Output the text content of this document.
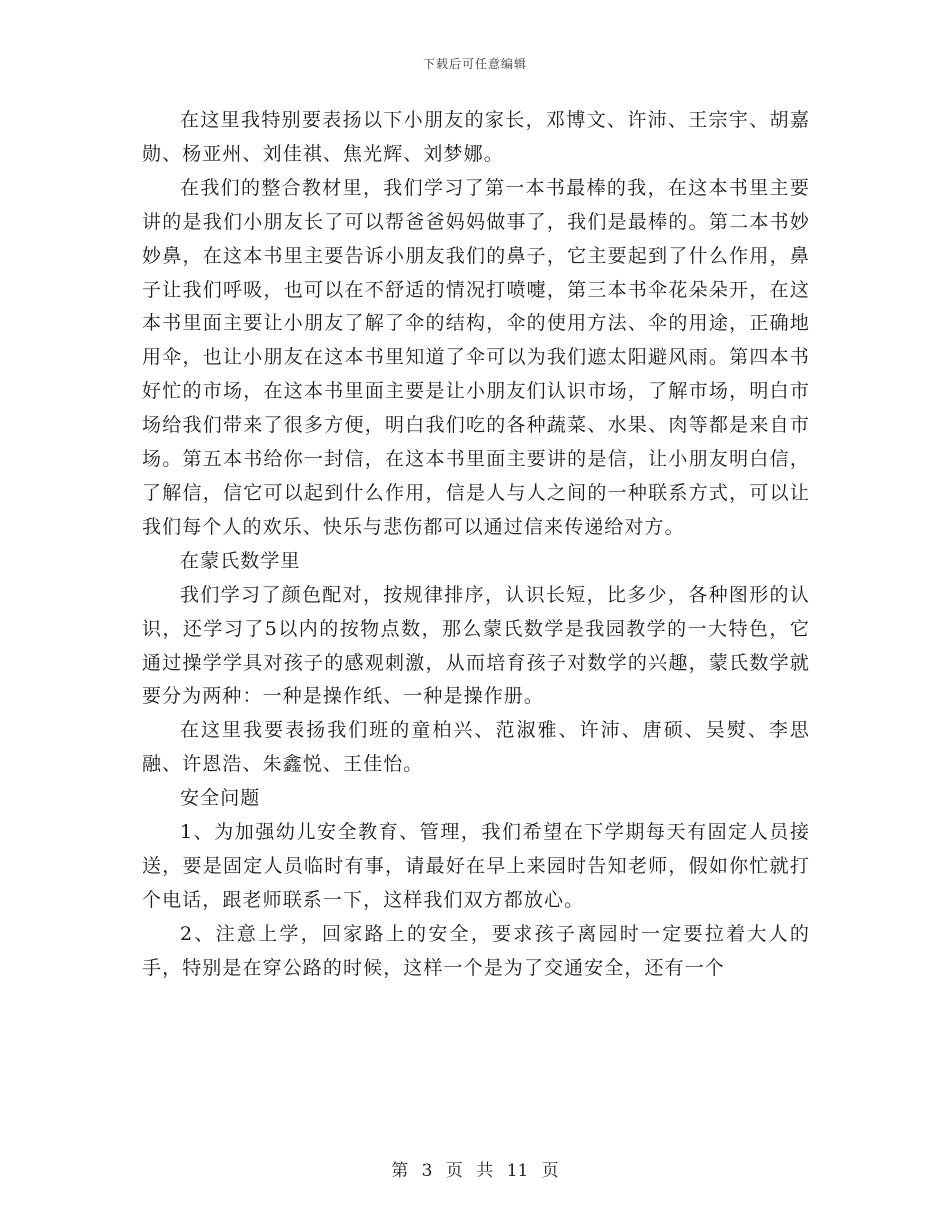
下载后可任意编辑

在这里我特别要表扬以下小朋友的家长，邓博文、许沛、王宗宇、胡嘉勋、杨亚州、刘佳祺、焦光辉、刘梦娜。

在我们的整合教材里，我们学习了第一本书最棒的我，在这本书里主要讲的是我们小朋友长了可以帮爸爸妈妈做事了，我们是最棒的。第二本书妙妙鼻，在这本书里主要告诉小朋友我们的鼻子，它主要起到了什么作用，鼻子让我们呼吸，也可以在不舒适的情况打喷嚏，第三本书伞花朵朵开，在这本书里面主要让小朋友了解了伞的结构，伞的使用方法、伞的用途，正确地用伞，也让小朋友在这本书里知道了伞可以为我们遮太阳避风雨。第四本书好忙的市场，在这本书里面主要是让小朋友们认识市场，了解市场，明白市场给我们带来了很多方便，明白我们吃的各种蔬菜、水果、肉等都是来自市场。第五本书给你一封信，在这本书里面主要讲的是信，让小朋友明白信，了解信，信它可以起到什么作用，信是人与人之间的一种联系方式，可以让我们每个人的欢乐、快乐与悲伤都可以通过信来传递给对方。

在蒙氏数学里

我们学习了颜色配对，按规律排序，认识长短，比多少，各种图形的认识，还学习了5以内的按物点数，那么蒙氏数学是我园教学的一大特色，它通过操学学具对孩子的感观刺激，从而培育孩子对数学的兴趣，蒙氏数学就要分为两种：一种是操作纸、一种是操作册。

在这里我要表扬我们班的童柏兴、范淑雅、许沛、唐硕、吴熨、李思融、许恩浩、朱鑫悦、王佳怡。

安全问题

1、为加强幼儿安全教育、管理，我们希望在下学期每天有固定人员接送，要是固定人员临时有事，请最好在早上来园时告知老师，假如你忙就打个电话，跟老师联系一下，这样我们双方都放心。

2、注意上学，回家路上的安全，要求孩子离园时一定要拉着大人的手，特别是在穿公路的时候，这样一个是为了交通安全，还有一个

第 3 页 共 11 页
